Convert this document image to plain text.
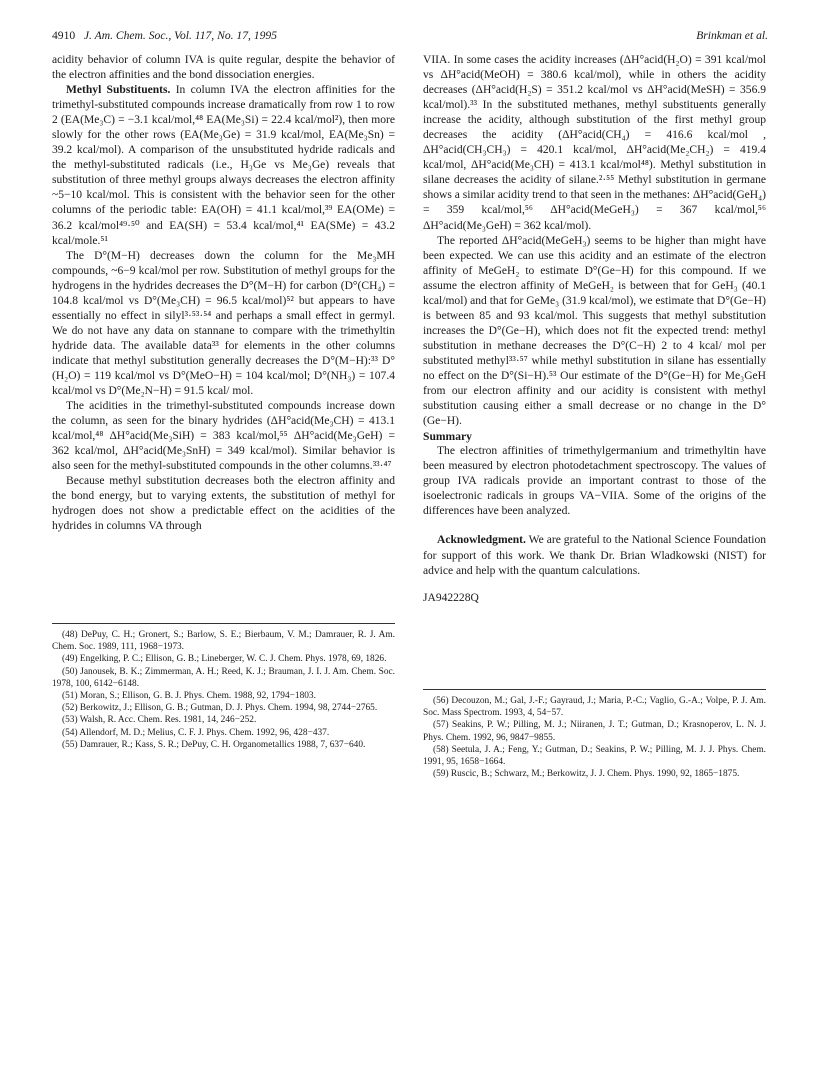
4910 J. Am. Chem. Soc., Vol. 117, No. 17, 1995	Brinkman et al.

acidity behavior of column IVA is quite regular, despite the behavior of the electron affinities and the bond dissociation energies.

Methyl Substituents. In column IVA the electron affinities for the trimethyl-substituted compounds increase dramatically from row 1 to row 2 (EA(Me₃C) = −3.1 kcal/mol,⁴⁸ EA(Me₃Si) = 22.4 kcal/mol²), then more slowly for the other rows (EA(Me₃Ge) = 31.9 kcal/mol, EA(Me₃Sn) = 39.2 kcal/mol). A comparison of the unsubstituted hydride radicals and the methyl-substituted radicals (i.e., H₃Ge vs Me₃Ge) reveals that substitution of three methyl groups always decreases the electron affinity ~5−10 kcal/mol. This is consistent with the behavior seen for the other columns of the periodic table: EA(OH) = 41.1 kcal/mol,³⁹ EA(OMe) = 36.2 kcal/mol⁴⁹·⁵⁰ and EA(SH) = 53.4 kcal/mol,⁴¹ EA(SMe) = 43.2 kcal/mole.⁵¹

The D°(M−H) decreases down the column for the Me₃MH compounds, ~6−9 kcal/mol per row. Substitution of methyl groups for the hydrogens in the hydrides decreases the D°(M−H) for carbon (D°(CH₄) = 104.8 kcal/mol vs D°(Me₃CH) = 96.5 kcal/mol)⁵² but appears to have essentially no effect in silyl³·⁵³·⁵⁴ and perhaps a small effect in germyl. We do not have any data on stannane to compare with the trimethyltin hydride data. The available data³³ for elements in the other columns indicate that methyl substitution generally decreases the D°(M−H):³³ D°(H₂O) = 119 kcal/mol vs D°(MeO−H) = 104 kcal/mol; D°(NH₃) = 107.4 kcal/mol vs D°(Me₂N−H) = 91.5 kcal/ mol.

The acidities in the trimethyl-substituted compounds increase down the column, as seen for the binary hydrides (ΔH°acid(Me₃CH) = 413.1 kcal/mol,⁴⁸ ΔH°acid(Me₃SiH) = 383 kcal/mol,⁵⁵ ΔH°acid(Me₃GeH) = 362 kcal/mol, ΔH°acid(Me₃SnH) = 349 kcal/mol). Similar behavior is also seen for the methyl-substituted compounds in the other columns.³³·⁴⁷

Because methyl substitution decreases both the electron affinity and the bond energy, but to varying extents, the substitution of methyl for hydrogen does not show a predictable effect on the acidities of the hydrides in columns VA through

VIIA. In some cases the acidity increases (ΔH°acid(H₂O) = 391 kcal/mol vs ΔH°acid(MeOH) = 380.6 kcal/mol), while in others the acidity decreases (ΔH°acid(H₂S) = 351.2 kcal/mol vs ΔH°acid(MeSH) = 356.9 kcal/mol).³³ In the substituted methanes, methyl substituents generally increase the acidity, although substitution of the first methyl group decreases the acidity (ΔH°acid(CH₄) = 416.6 kcal/mol , ΔH°acid(CH₃CH₃) = 420.1 kcal/mol, ΔH°acid(Me₂CH₂) = 419.4 kcal/mol, ΔH°acid(Me₃CH) = 413.1 kcal/mol⁴⁸). Methyl substitution in silane decreases the acidity of silane.²·⁵⁵ Methyl substitution in germane shows a similar acidity trend to that seen in the methanes: ΔH°acid(GeH₄) = 359 kcal/mol,⁵⁶ ΔH°acid(MeGeH₃) = 367 kcal/mol,⁵⁶ ΔH°acid(Me₃GeH) = 362 kcal/mol).

The reported ΔH°acid(MeGeH₃) seems to be higher than might have been expected. We can use this acidity and an estimate of the electron affinity of MeGeH₂ to estimate D°(Ge−H) for this compound. If we assume the electron affinity of MeGeH₂ is between that for GeH₃ (40.1 kcal/mol) and that for GeMe₃ (31.9 kcal/mol), we estimate that D°(Ge−H) is between 85 and 93 kcal/mol. This suggests that methyl substitution increases the D°(Ge−H), which does not fit the expected trend: methyl substitution in methane decreases the D°(C−H) 2 to 4 kcal/ mol per substituted methyl³³·⁵⁷ while methyl substitution in silane has essentially no effect on the D°(Si−H).⁵³ Our estimate of the D°(Ge−H) for Me₃GeH from our electron affinity and our acidity is consistent with methyl substitution causing either a small decrease or no change in the D°(Ge−H).

Summary

The electron affinities of trimethylgermanium and trimethyltin have been measured by electron photodetachment spectroscopy. The values of group IVA radicals provide an important contrast to those of the isoelectronic radicals in groups VA−VIIA. Some of the origins of the differences have been analyzed.

Acknowledgment. We are grateful to the National Science Foundation for support of this work. We thank Dr. Brian Wladkowski (NIST) for advice and help with the quantum calculations.

JA942228Q

(48) DePuy, C. H.; Gronert, S.; Barlow, S. E.; Bierbaum, V. M.; Damrauer, R. J. Am. Chem. Soc. 1989, 111, 1968−1973.

(49) Engelking, P. C.; Ellison, G. B.; Lineberger, W. C. J. Chem. Phys. 1978, 69, 1826.

(50) Janousek, B. K.; Zimmerman, A. H.; Reed, K. J.; Brauman, J. I. J. Am. Chem. Soc. 1978, 100, 6142−6148.

(51) Moran, S.; Ellison, G. B. J. Phys. Chem. 1988, 92, 1794−1803.

(52) Berkowitz, J.; Ellison, G. B.; Gutman, D. J. Phys. Chem. 1994, 98, 2744−2765.

(53) Walsh, R. Acc. Chem. Res. 1981, 14, 246−252.

(54) Allendorf, M. D.; Melius, C. F. J. Phys. Chem. 1992, 96, 428−437.

(55) Damrauer, R.; Kass, S. R.; DePuy, C. H. Organometallics 1988, 7, 637−640.

(56) Decouzon, M.; Gal, J.-F.; Gayraud, J.; Maria, P.-C.; Vaglio, G.-A.; Volpe, P. J. Am. Soc. Mass Spectrom. 1993, 4, 54−57.

(57) Seakins, P. W.; Pilling, M. J.; Niiranen, J. T.; Gutman, D.; Krasnoperov, L. N. J. Phys. Chem. 1992, 96, 9847−9855.

(58) Seetula, J. A.; Feng, Y.; Gutman, D.; Seakins, P. W.; Pilling, M. J. J. Phys. Chem. 1991, 95, 1658−1664.

(59) Ruscic, B.; Schwarz, M.; Berkowitz, J. J. Chem. Phys. 1990, 92, 1865−1875.
